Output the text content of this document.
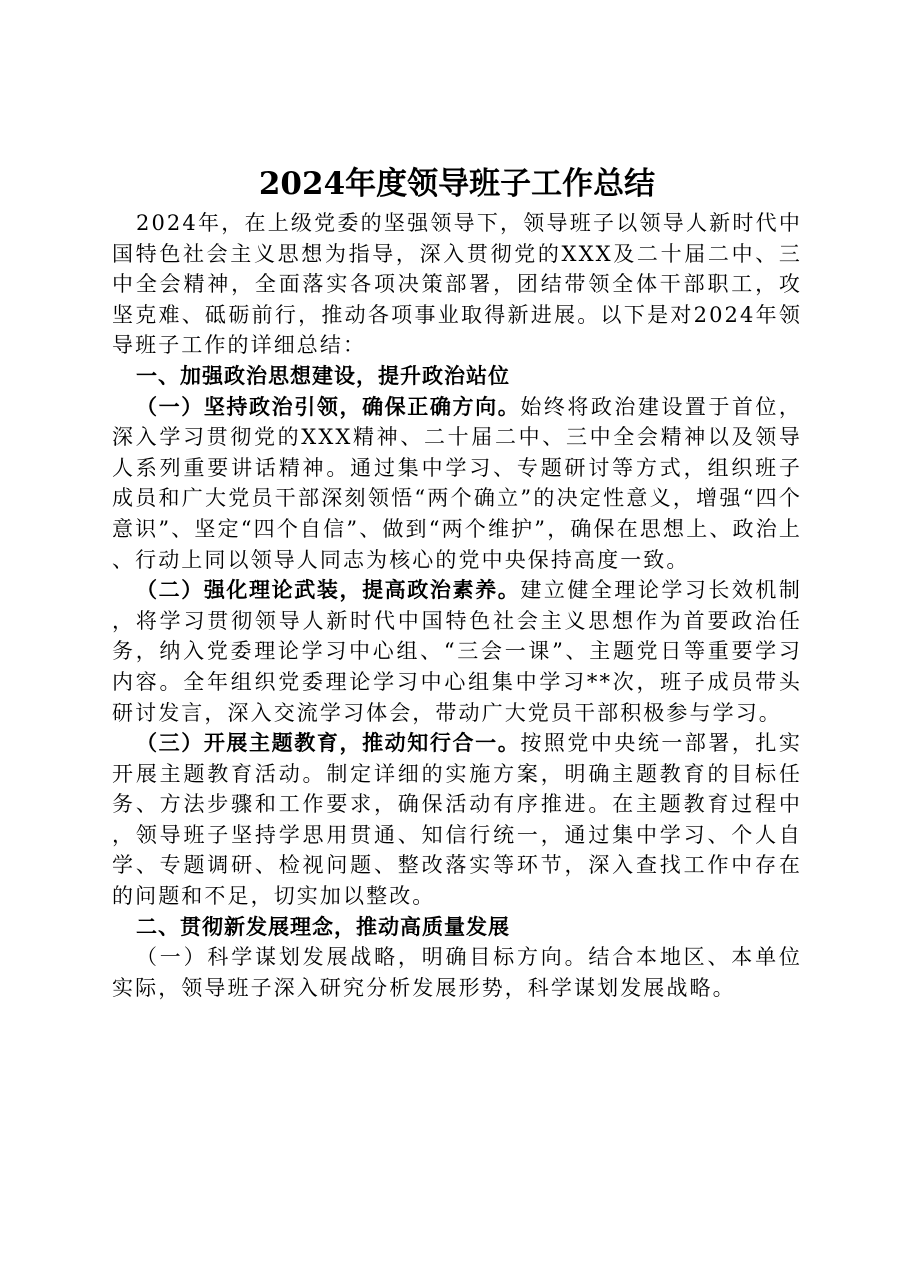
2024年度领导班子工作总结

2024年，在上级党委的坚强领导下，领导班子以领导人新时代中国特色社会主义思想为指导，深入贯彻党的XXX及二十届二中、三中全会精神，全面落实各项决策部署，团结带领全体干部职工，攻坚克难、砥砺前行，推动各项事业取得新进展。以下是对2024年领导班子工作的详细总结：

一、加强政治思想建设，提升政治站位

（一）坚持政治引领，确保正确方向。始终将政治建设置于首位，深入学习贯彻党的XXX精神、二十届二中、三中全会精神以及领导人系列重要讲话精神。通过集中学习、专题研讨等方式，组织班子成员和广大党员干部深刻领悟“两个确立”的决定性意义，增强“四个意识”、坚定“四个自信”、做到“两个维护”，确保在思想上、政治上、行动上同以领导人同志为核心的党中央保持高度一致。

（二）强化理论武装，提高政治素养。建立健全理论学习长效机制，将学习贯彻领导人新时代中国特色社会主义思想作为首要政治任务，纳入党委理论学习中心组、“三会一课”、主题党日等重要学习内容。全年组织党委理论学习中心组集中学习**次，班子成员带头研讨发言，深入交流学习体会，带动广大党员干部积极参与学习。

（三）开展主题教育，推动知行合一。按照党中央统一部署，扎实开展主题教育活动。制定详细的实施方案，明确主题教育的目标任务、方法步骤和工作要求，确保活动有序推进。在主题教育过程中，领导班子坚持学思用贯通、知信行统一，通过集中学习、个人自学、专题调研、检视问题、整改落实等环节，深入查找工作中存在的问题和不足，切实加以整改。

二、贯彻新发展理念，推动高质量发展

（一）科学谋划发展战略，明确目标方向。结合本地区、本单位实际，领导班子深入研究分析发展形势，科学谋划发展战略。
